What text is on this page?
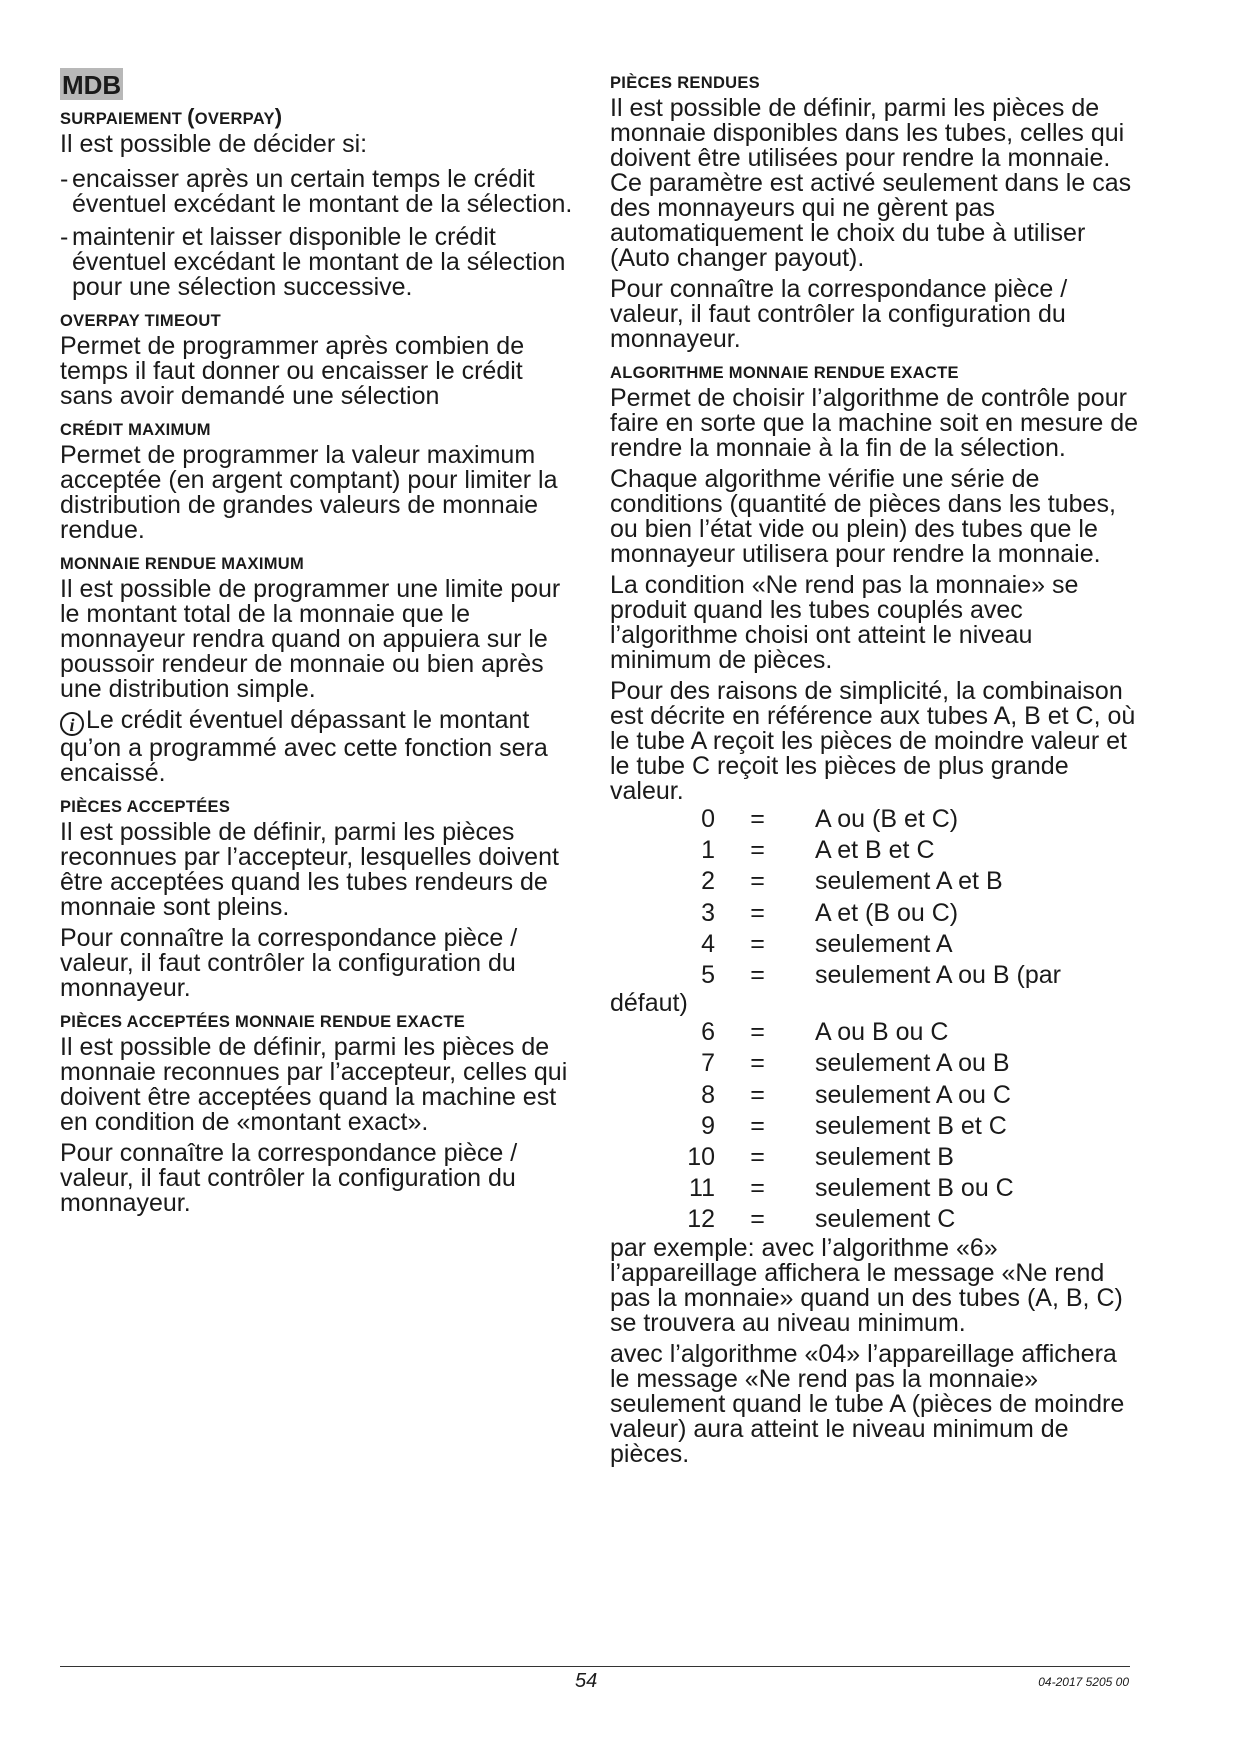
MDB
SURPAIEMENT (OVERPAY)

Il est possible de décider si:

- encaisser après un certain temps le crédit éventuel excédant le montant de la sélection.
- maintenir et laisser disponible le crédit éventuel excédant le montant de la sélection pour une sélection successive.
OVERPAY TIMEOUT

Permet de programmer après combien de temps il faut donner ou encaisser le crédit sans avoir demandé une sélection

CRÉDIT MAXIMUM

Permet de programmer la valeur maximum acceptée (en argent comptant) pour limiter la distribution de grandes valeurs de monnaie rendue.

MONNAIE RENDUE MAXIMUM

Il est possible de programmer une limite pour le montant total de la monnaie que le monnayeur rendra quand on appuiera sur le poussoir rendeur de monnaie ou bien après une distribution simple.

i Le crédit éventuel dépassant le montant qu’on a programmé avec cette fonction sera encaissé.

PIÈCES ACCEPTÉES

Il est possible de définir, parmi les pièces reconnues par l’accepteur, lesquelles doivent être acceptées quand les tubes rendeurs de monnaie sont pleins.

Pour connaître la correspondance pièce / valeur, il faut contrôler la configuration du monnayeur.

PIÈCES ACCEPTÉES MONNAIE RENDUE EXACTE

Il est possible de définir, parmi les pièces de monnaie reconnues par l’accepteur, celles qui doivent être acceptées quand la machine est en condition de «montant exact».

Pour connaître la correspondance pièce / valeur, il faut contrôler la configuration du monnayeur.

PIÈCES RENDUES

Il est possible de définir, parmi les pièces de monnaie disponibles dans les tubes, celles qui doivent être utilisées pour rendre la monnaie. Ce paramètre est activé seulement dans le cas des monnayeurs qui ne gèrent pas automatiquement le choix du tube à utiliser (Auto changer payout).

Pour connaître la correspondance pièce / valeur, il faut contrôler la configuration du monnayeur.

ALGORITHME MONNAIE RENDUE EXACTE

Permet de choisir l’algorithme de contrôle pour faire en sorte que la machine soit en mesure de rendre la monnaie à la fin de la sélection.

Chaque algorithme vérifie une série de conditions (quantité de pièces dans les tubes, ou bien l’état vide ou plein) des tubes que le monnayeur utilisera pour rendre la monnaie.

La condition «Ne rend pas la monnaie» se produit quand les tubes couplés avec l’algorithme choisi ont atteint le niveau minimum de pièces.

Pour des raisons de simplicité, la combinaison est décrite en référence aux tubes A, B et C, où le tube A reçoit les pièces de moindre valeur et le tube C reçoit les pièces de plus grande valeur.

0	=	A ou (B et C)
1	=	A et B et C
2	=	seulement A et B
3	=	A et (B ou C)
4	=	seulement A
5	=	seulement A ou B (par
défaut)
6	=	A ou B ou C
7	=	seulement A ou B
8	=	seulement A ou C
9	=	seulement B et C
10	=	seulement B
11	=	seulement B ou C
12	=	seulement C

par exemple: avec l’algorithme «6» l’appareillage affichera le message «Ne rend pas la monnaie» quand un des tubes (A, B, C) se trouvera au niveau minimum.

avec l’algorithme «04» l’appareillage affichera le message «Ne rend pas la monnaie» seulement quand le tube A (pièces de moindre valeur) aura atteint le niveau minimum de pièces.

54	04-2017 5205 00
